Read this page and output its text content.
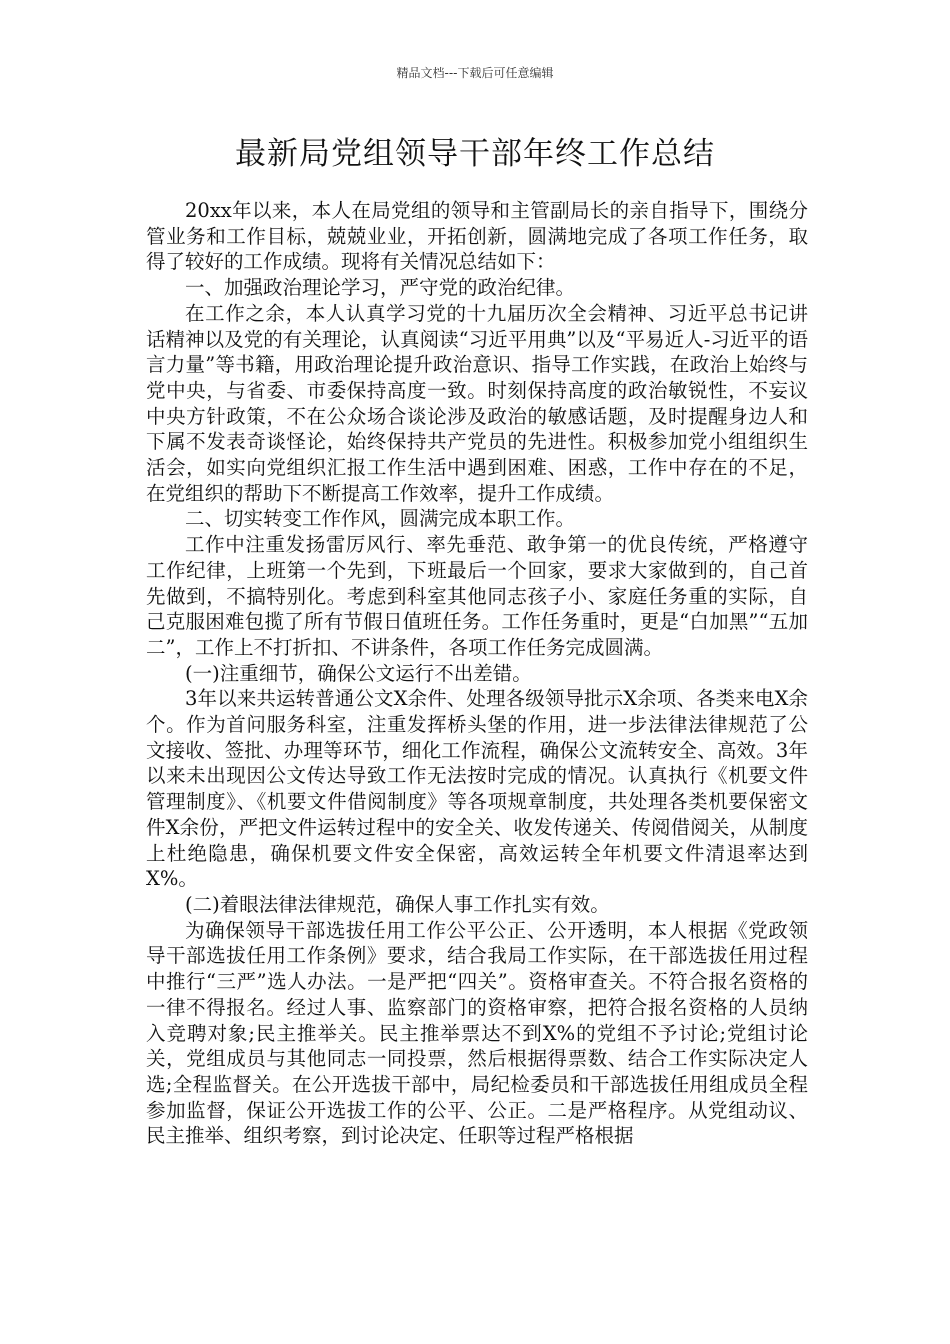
精品文档---下载后可任意编辑
最新局党组领导干部年终工作总结

20xx年以来，本人在局党组的领导和主管副局长的亲自指导下，围绕分管业务和工作目标，兢兢业业，开拓创新，圆满地完成了各项工作任务，取得了较好的工作成绩。现将有关情况总结如下：

一、加强政治理论学习，严守党的政治纪律。

在工作之余，本人认真学习党的十九届历次全会精神、习近平总书记讲话精神以及党的有关理论，认真阅读“习近平用典”以及“平易近人-习近平的语言力量”等书籍，用政治理论提升政治意识、指导工作实践，在政治上始终与党中央，与省委、市委保持高度一致。时刻保持高度的政治敏锐性，不妄议中央方针政策，不在公众场合谈论涉及政治的敏感话题，及时提醒身边人和下属不发表奇谈怪论，始终保持共产党员的先进性。积极参加党小组组织生活会，如实向党组织汇报工作生活中遇到困难、困惑，工作中存在的不足，在党组织的帮助下不断提高工作效率，提升工作成绩。

二、切实转变工作作风，圆满完成本职工作。

工作中注重发扬雷厉风行、率先垂范、敢争第一的优良传统，严格遵守工作纪律，上班第一个先到，下班最后一个回家，要求大家做到的，自己首先做到，不搞特别化。考虑到科室其他同志孩子小、家庭任务重的实际，自己克服困难包揽了所有节假日值班任务。工作任务重时，更是“白加黑”“五加二”，工作上不打折扣、不讲条件，各项工作任务完成圆满。

(一)注重细节，确保公文运行不出差错。

3年以来共运转普通公文X余件、处理各级领导批示X余项、各类来电X余个。作为首问服务科室，注重发挥桥头堡的作用，进一步法律法律规范了公文接收、签批、办理等环节，细化工作流程，确保公文流转安全、高效。3年以来未出现因公文传达导致工作无法按时完成的情况。认真执行《机要文件管理制度》、《机要文件借阅制度》等各项规章制度，共处理各类机要保密文件X余份，严把文件运转过程中的安全关、收发传递关、传阅借阅关，从制度上杜绝隐患，确保机要文件安全保密，高效运转全年机要文件清退率达到X%。

(二)着眼法律法律规范，确保人事工作扎实有效。

为确保领导干部选拔任用工作公平公正、公开透明，本人根据《党政领导干部选拔任用工作条例》要求，结合我局工作实际，在干部选拔任用过程中推行“三严”选人办法。一是严把“四关”。资格审查关。不符合报名资格的一律不得报名。经过人事、监察部门的资格审察，把符合报名资格的人员纳入竞聘对象;民主推举关。民主推举票达不到X%的党组不予讨论;党组讨论关，党组成员与其他同志一同投票，然后根据得票数、结合工作实际决定人选;全程监督关。在公开选拔干部中，局纪检委员和干部选拔任用组成员全程参加监督，保证公开选拔工作的公平、公正。二是严格程序。从党组动议、民主推举、组织考察，到讨论决定、任职等过程严格根据
